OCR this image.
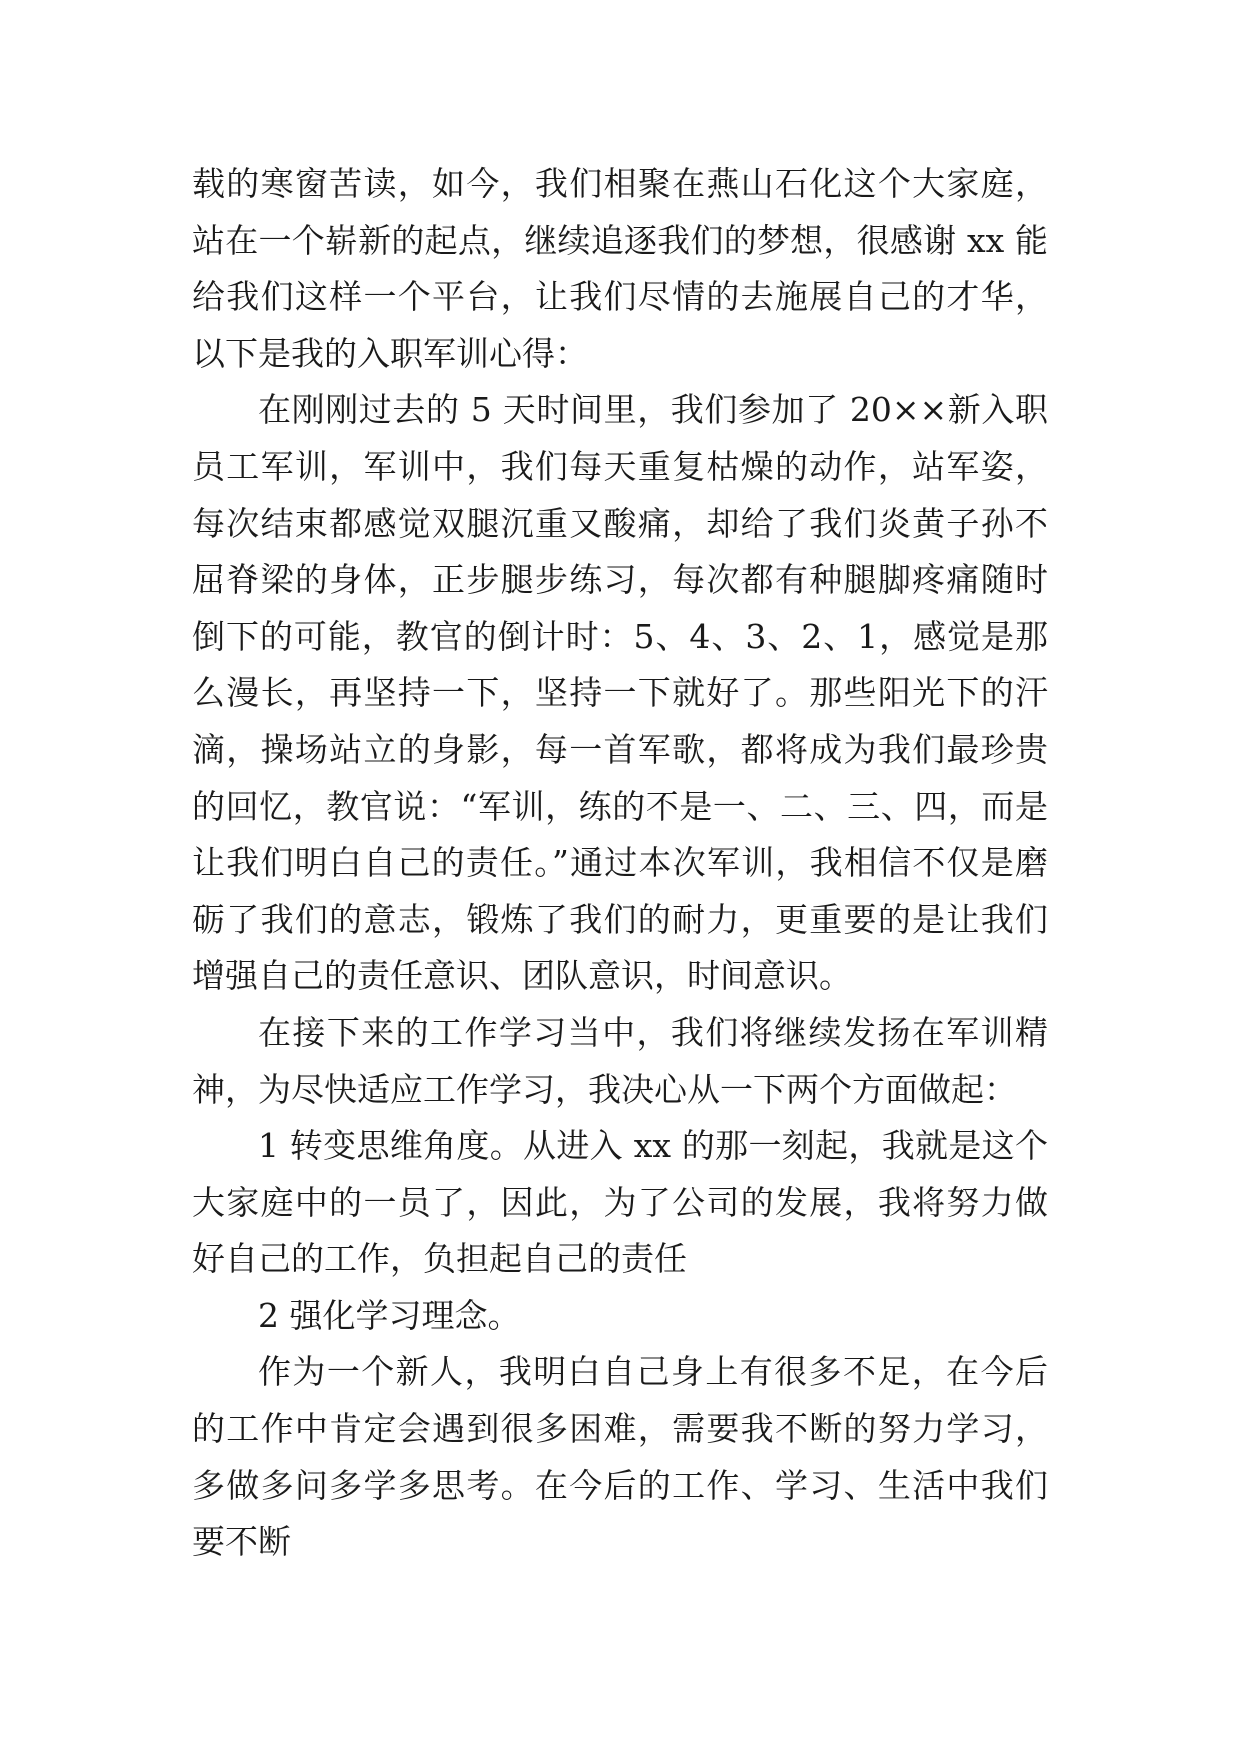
载的寒窗苦读，如今，我们相聚在燕山石化这个大家庭，站在一个崭新的起点，继续追逐我们的梦想，很感谢 xx 能给我们这样一个平台，让我们尽情的去施展自己的才华，以下是我的入职军训心得：

在刚刚过去的 5 天时间里，我们参加了 20××新入职员工军训，军训中，我们每天重复枯燥的动作，站军姿，每次结束都感觉双腿沉重又酸痛，却给了我们炎黄子孙不屈脊梁的身体，正步腿步练习，每次都有种腿脚疼痛随时倒下的可能，教官的倒计时：5、4、3、2、1，感觉是那么漫长，再坚持一下，坚持一下就好了。那些阳光下的汗滴，操场站立的身影，每一首军歌，都将成为我们最珍贵的回忆，教官说：“军训，练的不是一、二、三、四，而是让我们明白自己的责任。”通过本次军训，我相信不仅是磨砺了我们的意志，锻炼了我们的耐力，更重要的是让我们增强自己的责任意识、团队意识，时间意识。

在接下来的工作学习当中，我们将继续发扬在军训精神，为尽快适应工作学习，我决心从一下两个方面做起：

1 转变思维角度。从进入 xx 的那一刻起，我就是这个大家庭中的一员了，因此，为了公司的发展，我将努力做好自己的工作，负担起自己的责任

2 强化学习理念。

作为一个新人，我明白自己身上有很多不足，在今后的工作中肯定会遇到很多困难，需要我不断的努力学习，多做多问多学多思考。在今后的工作、学习、生活中我们要不断
